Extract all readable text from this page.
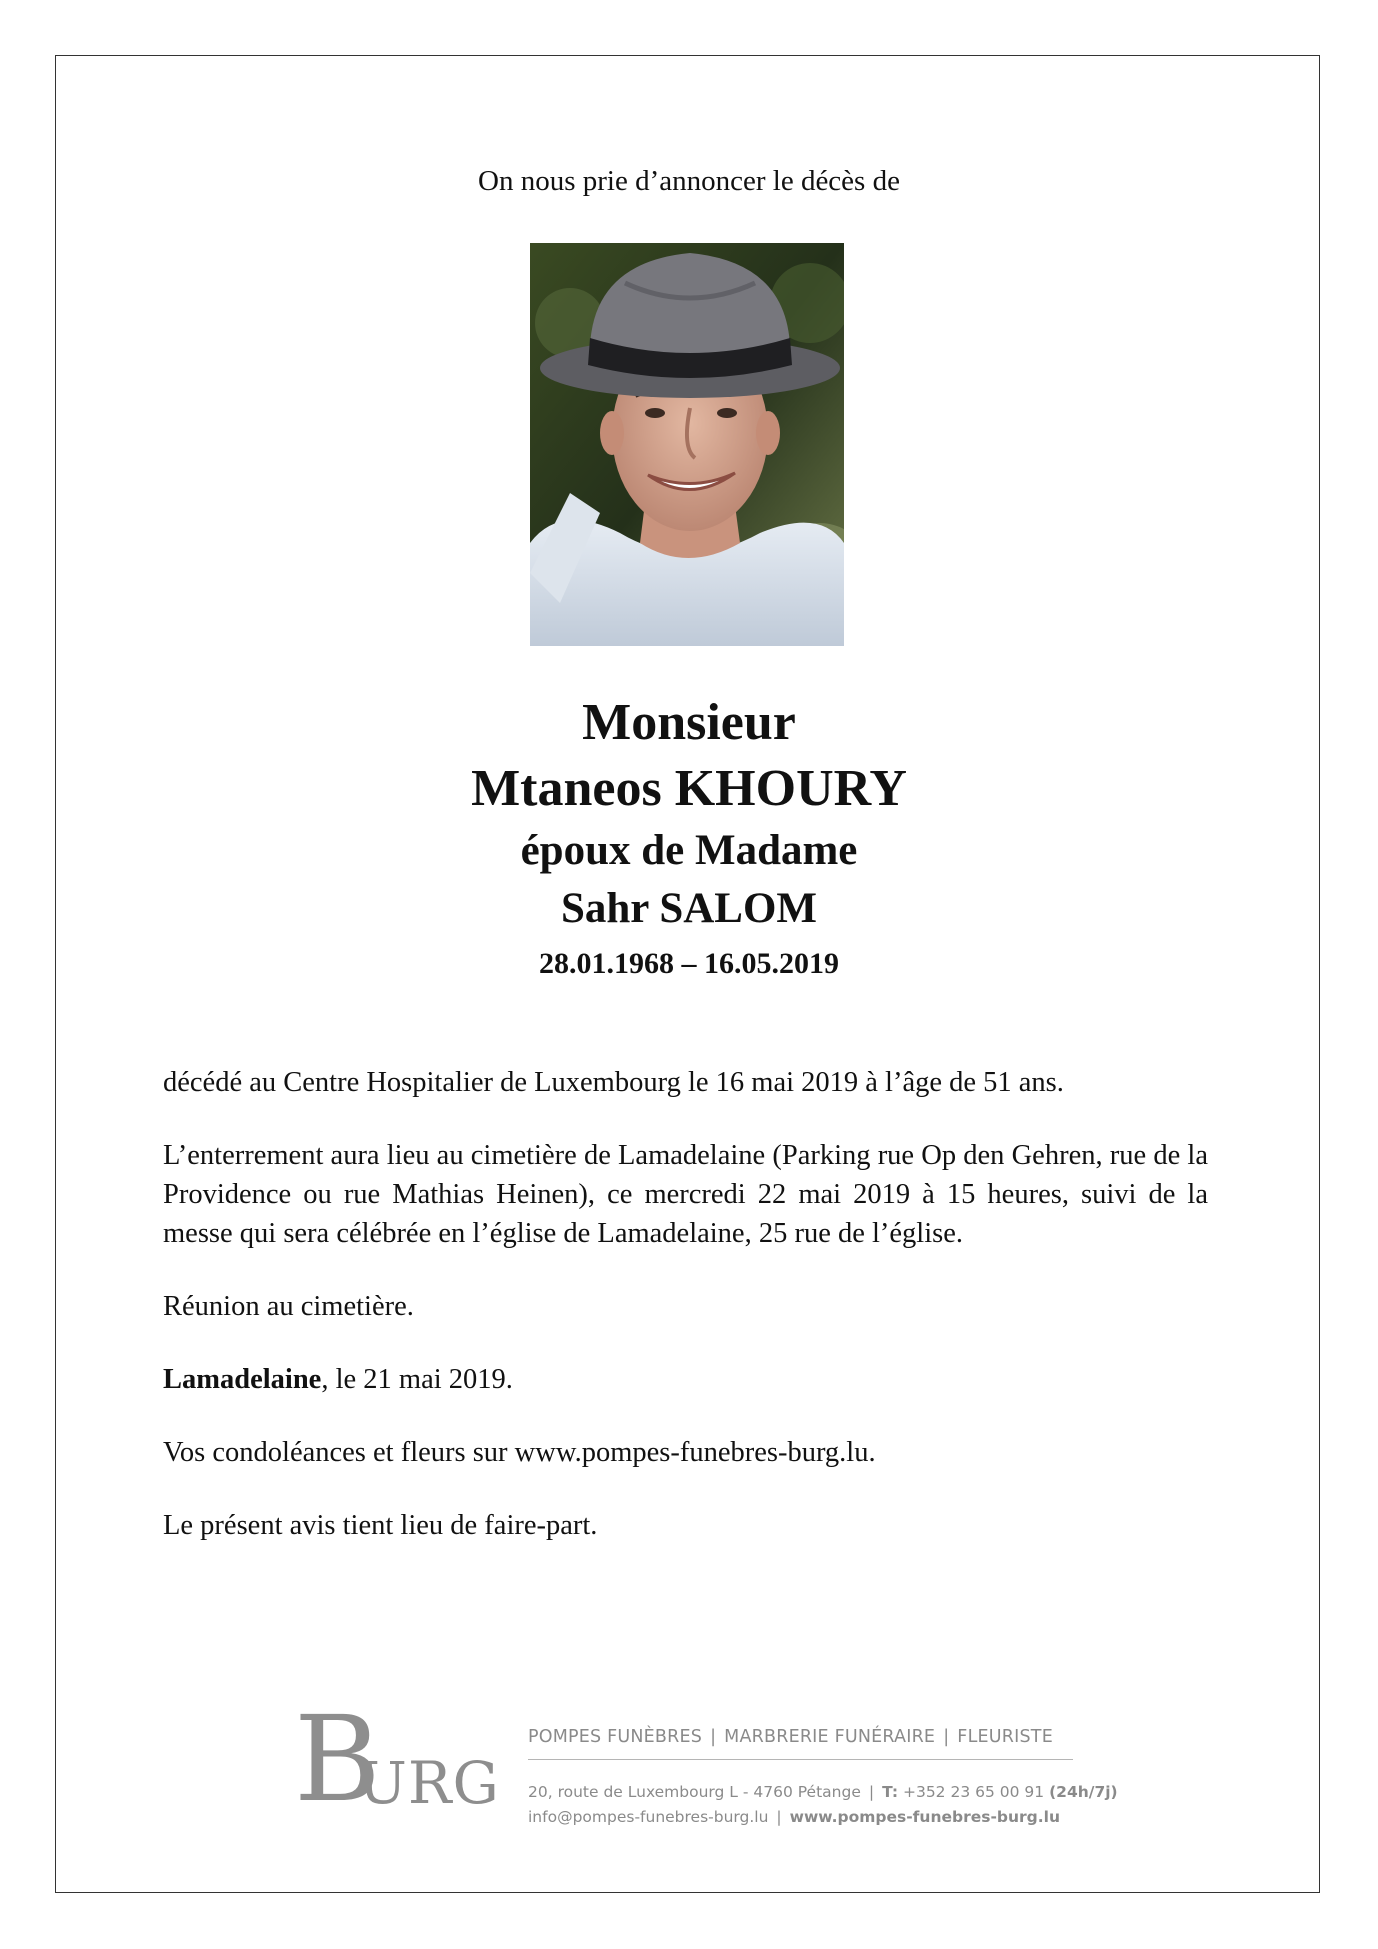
On nous prie d’annoncer le décès de
Monsieur
Mtaneos KHOURY
époux de Madame
Sahr SALOM
28.01.1968 – 16.05.2019

décédé au Centre Hospitalier de Luxembourg le 16 mai 2019 à l’âge de 51 ans.

L’enterrement aura lieu au cimetière de Lamadelaine (Parking rue Op den Gehren, rue de la Providence ou rue Mathias Heinen), ce mercredi 22 mai 2019 à 15 heures, suivi de la messe qui sera célébrée en l’église de Lamadelaine, 25 rue de l’église.

Réunion au cimetière.

Lamadelaine, le 21 mai 2019.

Vos condoléances et fleurs sur www.pompes-funebres-burg.lu.

Le présent avis tient lieu de faire-part.

B
URG
POMPES FUNÈBRES | MARBRERIE FUNÉRAIRE | FLEURISTE
20, route de Luxembourg L - 4760 Pétange | T: +352 23 65 00 91 (24h/7j)
info@pompes-funebres-burg.lu | www.pompes-funebres-burg.lu
